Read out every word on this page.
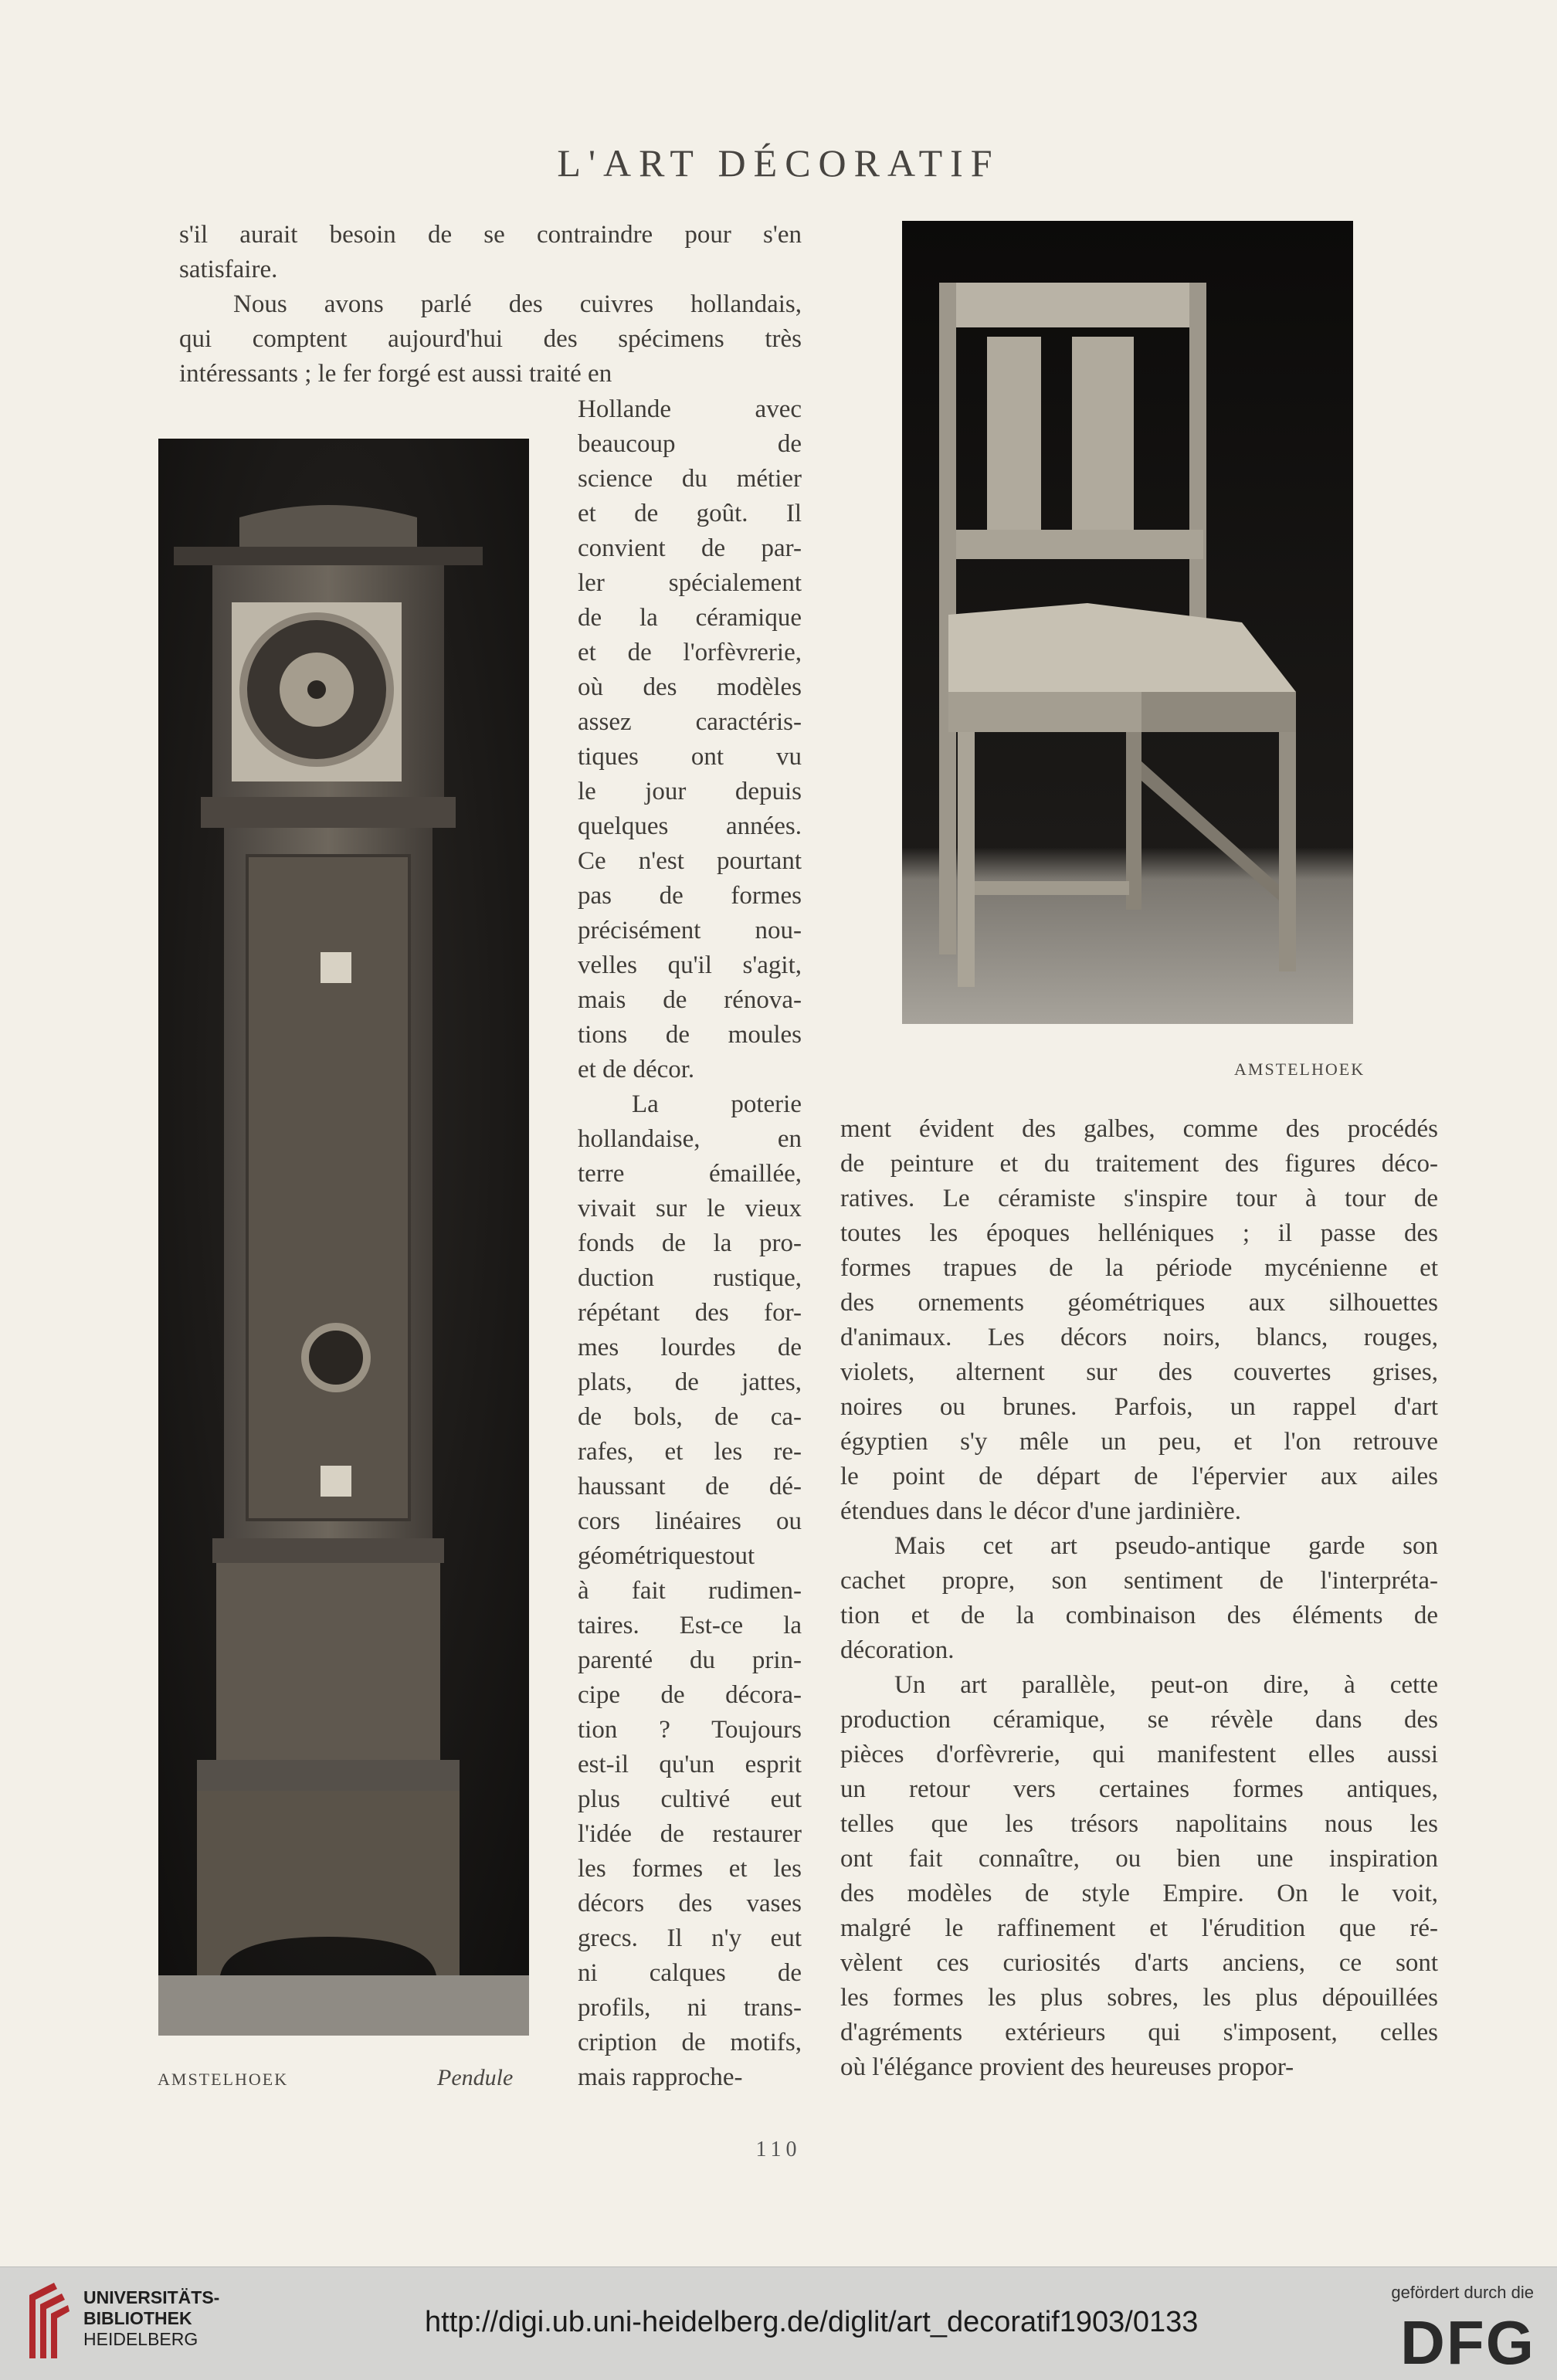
L'ART DÉCORATIF
s'il aurait besoin de se contraindre pour s'en
satisfaire.
Nous avons parlé des cuivres hollandais,
qui comptent aujourd'hui des spécimens très
intéressants ; le fer forgé est aussi traité en
Hollande avec
beaucoup de
science du métier
et de goût. Il
convient de par-
ler spécialement
de la céramique
et de l'orfèvrerie,
où des modèles
assez caractéris-
tiques ont vu
le jour depuis
quelques années.
Ce n'est pourtant
pas de formes
précisément nou-
velles qu'il s'agit,
mais de rénova-
tions de moules
et de décor.
La poterie
hollandaise, en
terre émaillée,
vivait sur le vieux
fonds de la pro-
duction rustique,
répétant des for-
mes lourdes de
plats, de jattes,
de bols, de ca-
rafes, et les re-
haussant de dé-
cors linéaires ou
géométriquestout
à fait rudimen-
taires. Est-ce la
parenté du prin-
cipe de décora-
tion ? Toujours
est-il qu'un esprit
plus cultivé eut
l'idée de restaurer
les formes et les
décors des vases
grecs. Il n'y eut
ni calques de
profils, ni trans-
cription de motifs,
mais rapproche-
ment évident des galbes, comme des procédés
de peinture et du traitement des figures déco-
ratives. Le céramiste s'inspire tour à tour de
toutes les époques helléniques ; il passe des
formes trapues de la période mycénienne et
des ornements géométriques aux silhouettes
d'animaux. Les décors noirs, blancs, rouges,
violets, alternent sur des couvertes grises,
noires ou brunes. Parfois, un rappel d'art
égyptien s'y mêle un peu, et l'on retrouve
le point de départ de l'épervier aux ailes
étendues dans le décor d'une jardinière.
Mais cet art pseudo-antique garde son
cachet propre, son sentiment de l'interpréta-
tion et de la combinaison des éléments de
décoration.
Un art parallèle, peut-on dire, à cette
production céramique, se révèle dans des
pièces d'orfèvrerie, qui manifestent elles aussi
un retour vers certaines formes antiques,
telles que les trésors napolitains nous les
ont fait connaître, ou bien une inspiration
des modèles de style Empire. On le voit,
malgré le raffinement et l'érudition que ré-
vèlent ces curiosités d'arts anciens, ce sont
les formes les plus sobres, les plus dépouillées
d'agréments extérieurs qui s'imposent, celles
où l'élégance provient des heureuses propor-
AMSTELHOEK
AMSTELHOEK	Pendule
110
UNIVERSITÄTS-
BIBLIOTHEK
HEIDELBERG
http://digi.ub.uni-heidelberg.de/diglit/art_decoratif1903/0133
gefördert durch die
DFG
